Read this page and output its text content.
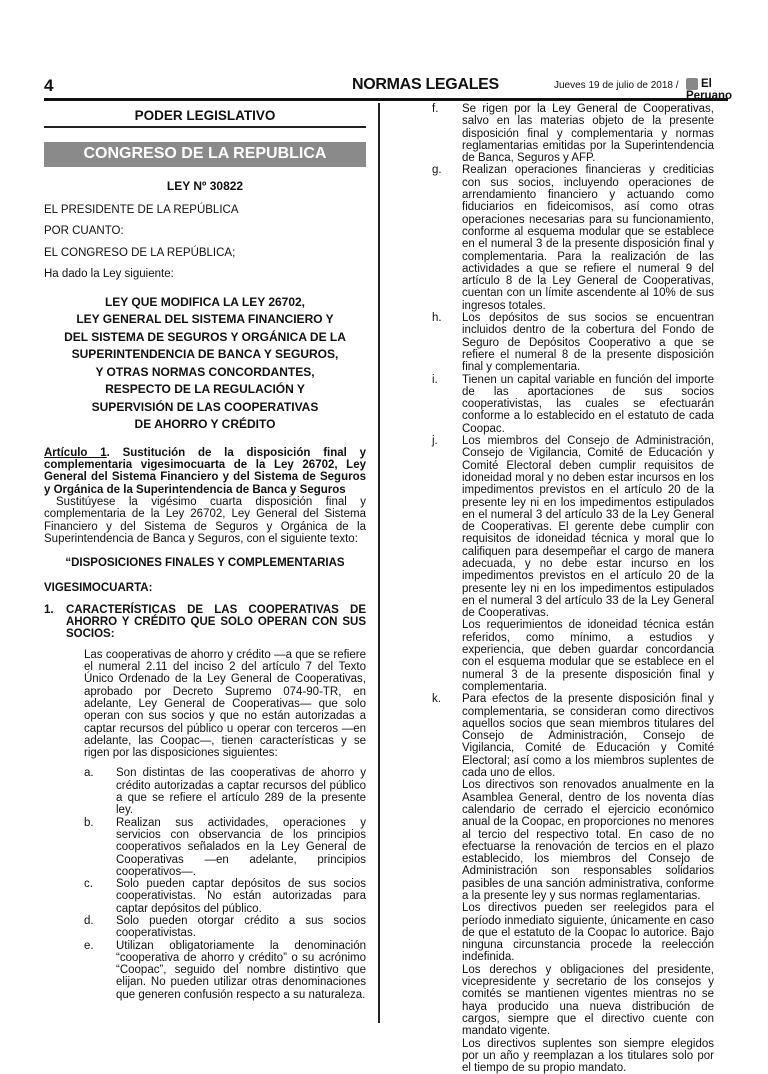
4	NORMAS LEGALES	Jueves 19 de julio de 2018 /	El Peruano
PODER LEGISLATIVO
CONGRESO DE LA REPUBLICA
LEY Nº 30822
EL PRESIDENTE DE LA REPÚBLICA
POR CUANTO:
EL CONGRESO DE LA REPÚBLICA;
Ha dado la Ley siguiente:
LEY QUE MODIFICA LA LEY 26702,
LEY GENERAL DEL SISTEMA FINANCIERO Y
DEL SISTEMA DE SEGUROS Y ORGÁNICA DE LA
SUPERINTENDENCIA DE BANCA Y SEGUROS,
Y OTRAS NORMAS CONCORDANTES,
RESPECTO DE LA REGULACIÓN Y
SUPERVISIÓN DE LAS COOPERATIVAS
DE AHORRO Y CRÉDITO
Artículo 1. Sustitución de la disposición final y complementaria vigesimocuarta de la Ley 26702, Ley General del Sistema Financiero y del Sistema de Seguros y Orgánica de la Superintendencia de Banca y Seguros
Sustitúyese la vigésimo cuarta disposición final y complementaria de la Ley 26702, Ley General del Sistema Financiero y del Sistema de Seguros y Orgánica de la Superintendencia de Banca y Seguros, con el siguiente texto:
“DISPOSICIONES FINALES Y COMPLEMENTARIAS
VIGESIMOCUARTA:
1.	CARACTERÍSTICAS DE LAS COOPERATIVAS DE AHORRO Y CRÉDITO QUE SOLO OPERAN CON SUS SOCIOS:
Las cooperativas de ahorro y crédito —a que se refiere el numeral 2.11 del inciso 2 del artículo 7 del Texto Único Ordenado de la Ley General de Cooperativas, aprobado por Decreto Supremo 074-90-TR, en adelante, Ley General de Cooperativas— que solo operan con sus socios y que no están autorizadas a captar recursos del público u operar con terceros —en adelante, las Coopac—, tienen características y se rigen por las disposiciones siguientes:
a.	Son distintas de las cooperativas de ahorro y crédito autorizadas a captar recursos del público a que se refiere el artículo 289 de la presente ley.
b.	Realizan sus actividades, operaciones y servicios con observancia de los principios cooperativos señalados en la Ley General de Cooperativas —en adelante, principios cooperativos—.
c.	Solo pueden captar depósitos de sus socios cooperativistas. No están autorizadas para captar depósitos del público.
d.	Solo pueden otorgar crédito a sus socios cooperativistas.
e.	Utilizan obligatoriamente la denominación “cooperativa de ahorro y crédito” o su acrónimo “Coopac”, seguido del nombre distintivo que elijan. No pueden utilizar otras denominaciones que generen confusión respecto a su naturaleza.
f.	Se rigen por la Ley General de Cooperativas, salvo en las materias objeto de la presente disposición final y complementaria y normas reglamentarias emitidas por la Superintendencia de Banca, Seguros y AFP.
g.	Realizan operaciones financieras y crediticias con sus socios, incluyendo operaciones de arrendamiento financiero y actuando como fiduciarios en fideicomisos, así como otras operaciones necesarias para su funcionamiento, conforme al esquema modular que se establece en el numeral 3 de la presente disposición final y complementaria. Para la realización de las actividades a que se refiere el numeral 9 del artículo 8 de la Ley General de Cooperativas, cuentan con un límite ascendente al 10% de sus ingresos totales.
h.	Los depósitos de sus socios se encuentran incluidos dentro de la cobertura del Fondo de Seguro de Depósitos Cooperativo a que se refiere el numeral 8 de la presente disposición final y complementaria.
i.	Tienen un capital variable en función del importe de las aportaciones de sus socios cooperativistas, las cuales se efectuarán conforme a lo establecido en el estatuto de cada Coopac.
j.	Los miembros del Consejo de Administración, Consejo de Vigilancia, Comité de Educación y Comité Electoral deben cumplir requisitos de idoneidad moral y no deben estar incursos en los impedimentos previstos en el artículo 20 de la presente ley ni en los impedimentos estipulados en el numeral 3 del artículo 33 de la Ley General de Cooperativas. El gerente debe cumplir con requisitos de idoneidad técnica y moral que lo califiquen para desempeñar el cargo de manera adecuada, y no debe estar incurso en los impedimentos previstos en el artículo 20 de la presente ley ni en los impedimentos estipulados en el numeral 3 del artículo 33 de la Ley General de Cooperativas.
Los requerimientos de idoneidad técnica están referidos, como mínimo, a estudios y experiencia, que deben guardar concordancia con el esquema modular que se establece en el numeral 3 de la presente disposición final y complementaria.
k.	Para efectos de la presente disposición final y complementaria, se consideran como directivos aquellos socios que sean miembros titulares del Consejo de Administración, Consejo de Vigilancia, Comité de Educación y Comité Electoral; así como a los miembros suplentes de cada uno de ellos.
Los directivos son renovados anualmente en la Asamblea General, dentro de los noventa días calendario de cerrado el ejercicio económico anual de la Coopac, en proporciones no menores al tercio del respectivo total. En caso de no efectuarse la renovación de tercios en el plazo establecido, los miembros del Consejo de Administración son responsables solidarios pasibles de una sanción administrativa, conforme a la presente ley y sus normas reglamentarias.
Los directivos pueden ser reelegidos para el período inmediato siguiente, únicamente en caso de que el estatuto de la Coopac lo autorice. Bajo ninguna circunstancia procede la reelección indefinida.
Los derechos y obligaciones del presidente, vicepresidente y secretario de los consejos y comités se mantienen vigentes mientras no se haya producido una nueva distribución de cargos, siempre que el directivo cuente con mandato vigente.
Los directivos suplentes son siempre elegidos por un año y reemplazan a los titulares solo por el tiempo de su propio mandato.
